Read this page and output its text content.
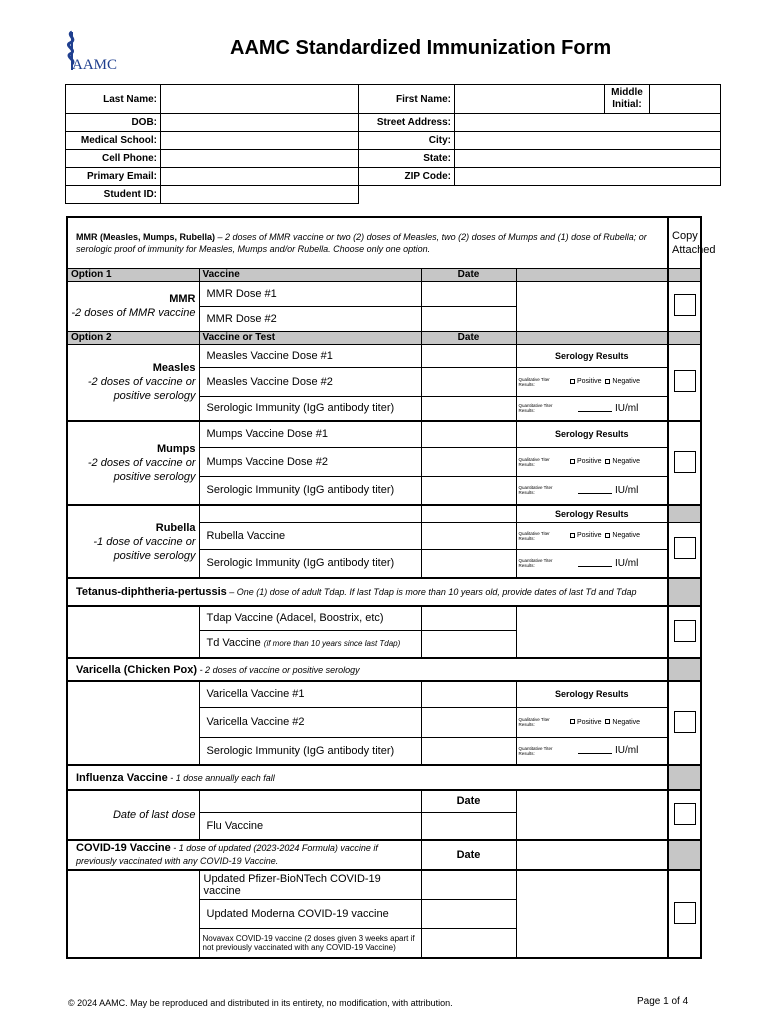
AAMC
AAMC Standardized Immunization Form
Last Name:		First Name:		Middle Initial:	
DOB:		Street Address:			
Medical School:		City:			
Cell Phone:		State:			
Primary Email:		ZIP Code:			
Student ID:					
MMR (Measles, Mumps, Rubella) – 2 doses of MMR vaccine or two (2) doses of Measles, two (2) doses of Mumps and (1) dose of Rubella; or serologic proof of immunity for Measles, Mumps and/or Rubella. Choose only one option.					Copy Attached
Option 1	Vaccine	Date			
MMR
-2 doses of MMR vaccine	MMR Dose #1				
	MMR Dose #2				
Option 2	Vaccine or Test	Date			
Measles
-2 doses of vaccine or positive serology	Measles Vaccine Dose #1		Serology Results		
	Measles Vaccine Dose #2		Qualitative Titer Results:	Positive Negative	
	Serologic Immunity (IgG antibody titer)		Quantitative Titer Results:	IU/ml	
Mumps
-2 doses of vaccine or positive serology	Mumps Vaccine Dose #1		Serology Results		
	Mumps Vaccine Dose #2		Qualitative Titer Results:	Positive Negative	
	Serologic Immunity (IgG antibody titer)		Quantitative Titer Results:	IU/ml	
Rubella
-1 dose of vaccine or positive serology			Serology Results		
	Rubella Vaccine		Qualitative Titer Results:	Positive Negative	
	Serologic Immunity (IgG antibody titer)		Quantitative Titer Results:	IU/ml	
Tetanus-diphtheria-pertussis – One (1) dose of adult Tdap. If last Tdap is more than 10 years old, provide dates of last Td and Tdap					
	Tdap Vaccine (Adacel, Boostrix, etc)				
	Td Vaccine (if more than 10 years since last Tdap)				
Varicella (Chicken Pox) - 2 doses of vaccine or positive serology					
	Varicella Vaccine #1		Serology Results		
	Varicella Vaccine #2		Qualitative Titer Results:	Positive Negative	
	Serologic Immunity (IgG antibody titer)		Quantitative Titer Results:	IU/ml	
Influenza Vaccine - 1 dose annually each fall					
Date of last dose		Date			
	Flu Vaccine				
COVID-19 Vaccine - 1 dose of updated (2023-2024 Formula) vaccine if previously vaccinated with any COVID-19 Vaccine.		Date			
	Updated Pfizer-BioNTech COVID-19 vaccine				
	Updated Moderna COVID-19 vaccine				
	Novavax COVID-19 vaccine (2 doses given 3 weeks apart if not previously vaccinated with any COVID-19 Vaccine)				
© 2024 AAMC. May be reproduced and distributed in its entirety, no modification, with attribution.	Page 1 of 4
